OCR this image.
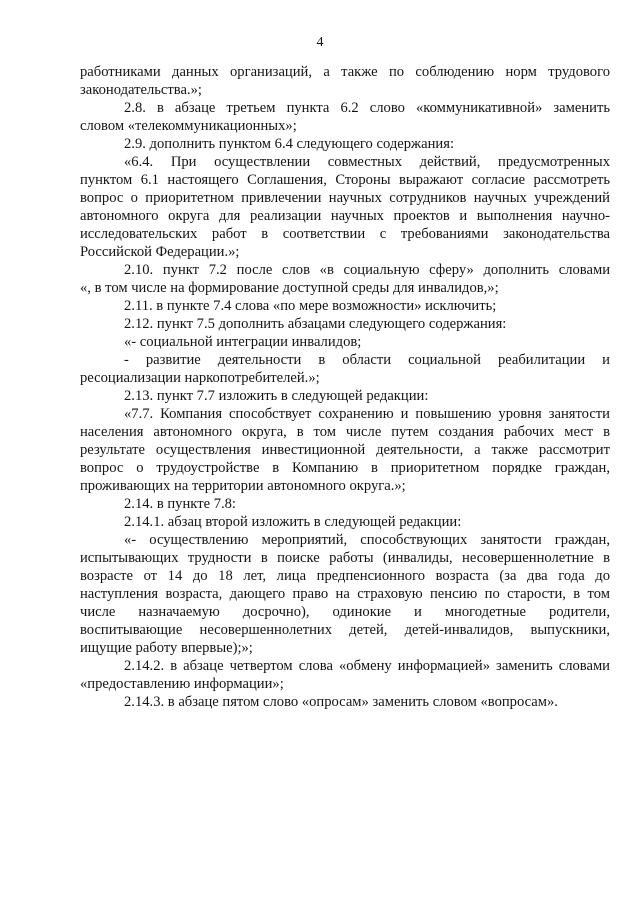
4
работниками данных организаций, а также по соблюдению норм трудового
законодательства.»;
2.8. в абзаце третьем пункта 6.2 слово «коммуникативной» заменить
словом «телекоммуникационных»;
2.9. дополнить пунктом 6.4 следующего содержания:
«6.4. При осуществлении совместных действий, предусмотренных
пунктом 6.1 настоящего Соглашения, Стороны выражают согласие рассмотреть
вопрос о приоритетном привлечении научных сотрудников научных учреждений
автономного округа для реализации научных проектов и выполнения научно-
исследовательских работ в соответствии с требованиями законодательства
Российской Федерации.»;
2.10. пункт 7.2 после слов «в социальную сферу» дополнить словами
«, в том числе на формирование доступной среды для инвалидов,»;
2.11. в пункте 7.4 слова «по мере возможности» исключить;
2.12. пункт 7.5 дополнить абзацами следующего содержания:
«- социальной интеграции инвалидов;
- развитие деятельности в области социальной реабилитации и
ресоциализации наркопотребителей.»;
2.13. пункт 7.7 изложить в следующей редакции:
«7.7. Компания способствует сохранению и повышению уровня занятости
населения автономного округа, в том числе путем создания рабочих мест в
результате осуществления инвестиционной деятельности, а также рассмотрит
вопрос о трудоустройстве в Компанию в приоритетном порядке граждан,
проживающих на территории автономного округа.»;
2.14. в пункте 7.8:
2.14.1. абзац второй изложить в следующей редакции:
«- осуществлению мероприятий, способствующих занятости граждан,
испытывающих трудности в поиске работы (инвалиды, несовершеннолетние в
возрасте от 14 до 18 лет, лица предпенсионного возраста (за два года до
наступления возраста, дающего право на страховую пенсию по старости, в том
числе назначаемую досрочно), одинокие и многодетные родители,
воспитывающие несовершеннолетних детей, детей-инвалидов, выпускники,
ищущие работу впервые);»;
2.14.2. в абзаце четвертом слова «обмену информацией» заменить словами
«предоставлению информации»;
2.14.3. в абзаце пятом слово «опросам» заменить словом «вопросам».
